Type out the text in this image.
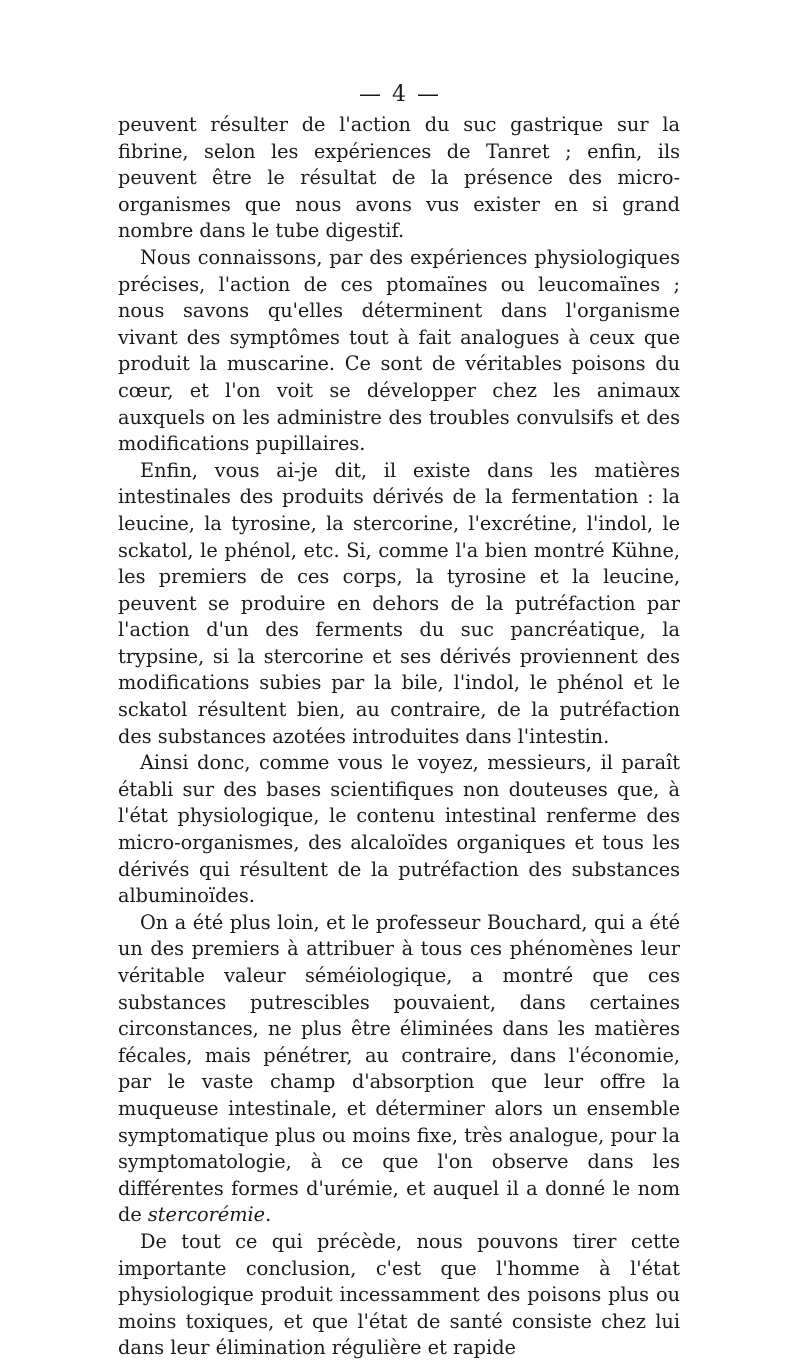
— 4 —

peuvent résulter de l'action du suc gastrique sur la fibrine, selon les expériences de Tanret ; enfin, ils peuvent être le résultat de la présence des micro-organismes que nous avons vus exister en si grand nombre dans le tube digestif.

Nous connaissons, par des expériences physiologiques précises, l'action de ces ptomaïnes ou leucomaïnes ; nous savons qu'elles déterminent dans l'organisme vivant des symptômes tout à fait analogues à ceux que produit la muscarine. Ce sont de véritables poisons du cœur, et l'on voit se développer chez les animaux auxquels on les administre des troubles convulsifs et des modifications pupillaires.

Enfin, vous ai-je dit, il existe dans les matières intestinales des produits dérivés de la fermentation : la leucine, la tyrosine, la stercorine, l'excrétine, l'indol, le sckatol, le phénol, etc. Si, comme l'a bien montré Kühne, les premiers de ces corps, la tyrosine et la leucine, peuvent se produire en dehors de la putréfaction par l'action d'un des ferments du suc pancréatique, la trypsine, si la stercorine et ses dérivés proviennent des modifications subies par la bile, l'indol, le phénol et le sckatol résultent bien, au contraire, de la putréfaction des substances azotées introduites dans l'intestin.

Ainsi donc, comme vous le voyez, messieurs, il paraît établi sur des bases scientifiques non douteuses que, à l'état physiologique, le contenu intestinal renferme des micro-organismes, des alcaloïdes organiques et tous les dérivés qui résultent de la putréfaction des substances albuminoïdes.

On a été plus loin, et le professeur Bouchard, qui a été un des premiers à attribuer à tous ces phénomènes leur véritable valeur séméiologique, a montré que ces substances putrescibles pouvaient, dans certaines circonstances, ne plus être éliminées dans les matières fécales, mais pénétrer, au contraire, dans l'économie, par le vaste champ d'absorption que leur offre la muqueuse intestinale, et déterminer alors un ensemble symptomatique plus ou moins fixe, très analogue, pour la symptomatologie, à ce que l'on observe dans les différentes formes d'urémie, et auquel il a donné le nom de stercorémie.

De tout ce qui précède, nous pouvons tirer cette importante conclusion, c'est que l'homme à l'état physiologique produit incessamment des poisons plus ou moins toxiques, et que l'état de santé consiste chez lui dans leur élimination régulière et rapide
